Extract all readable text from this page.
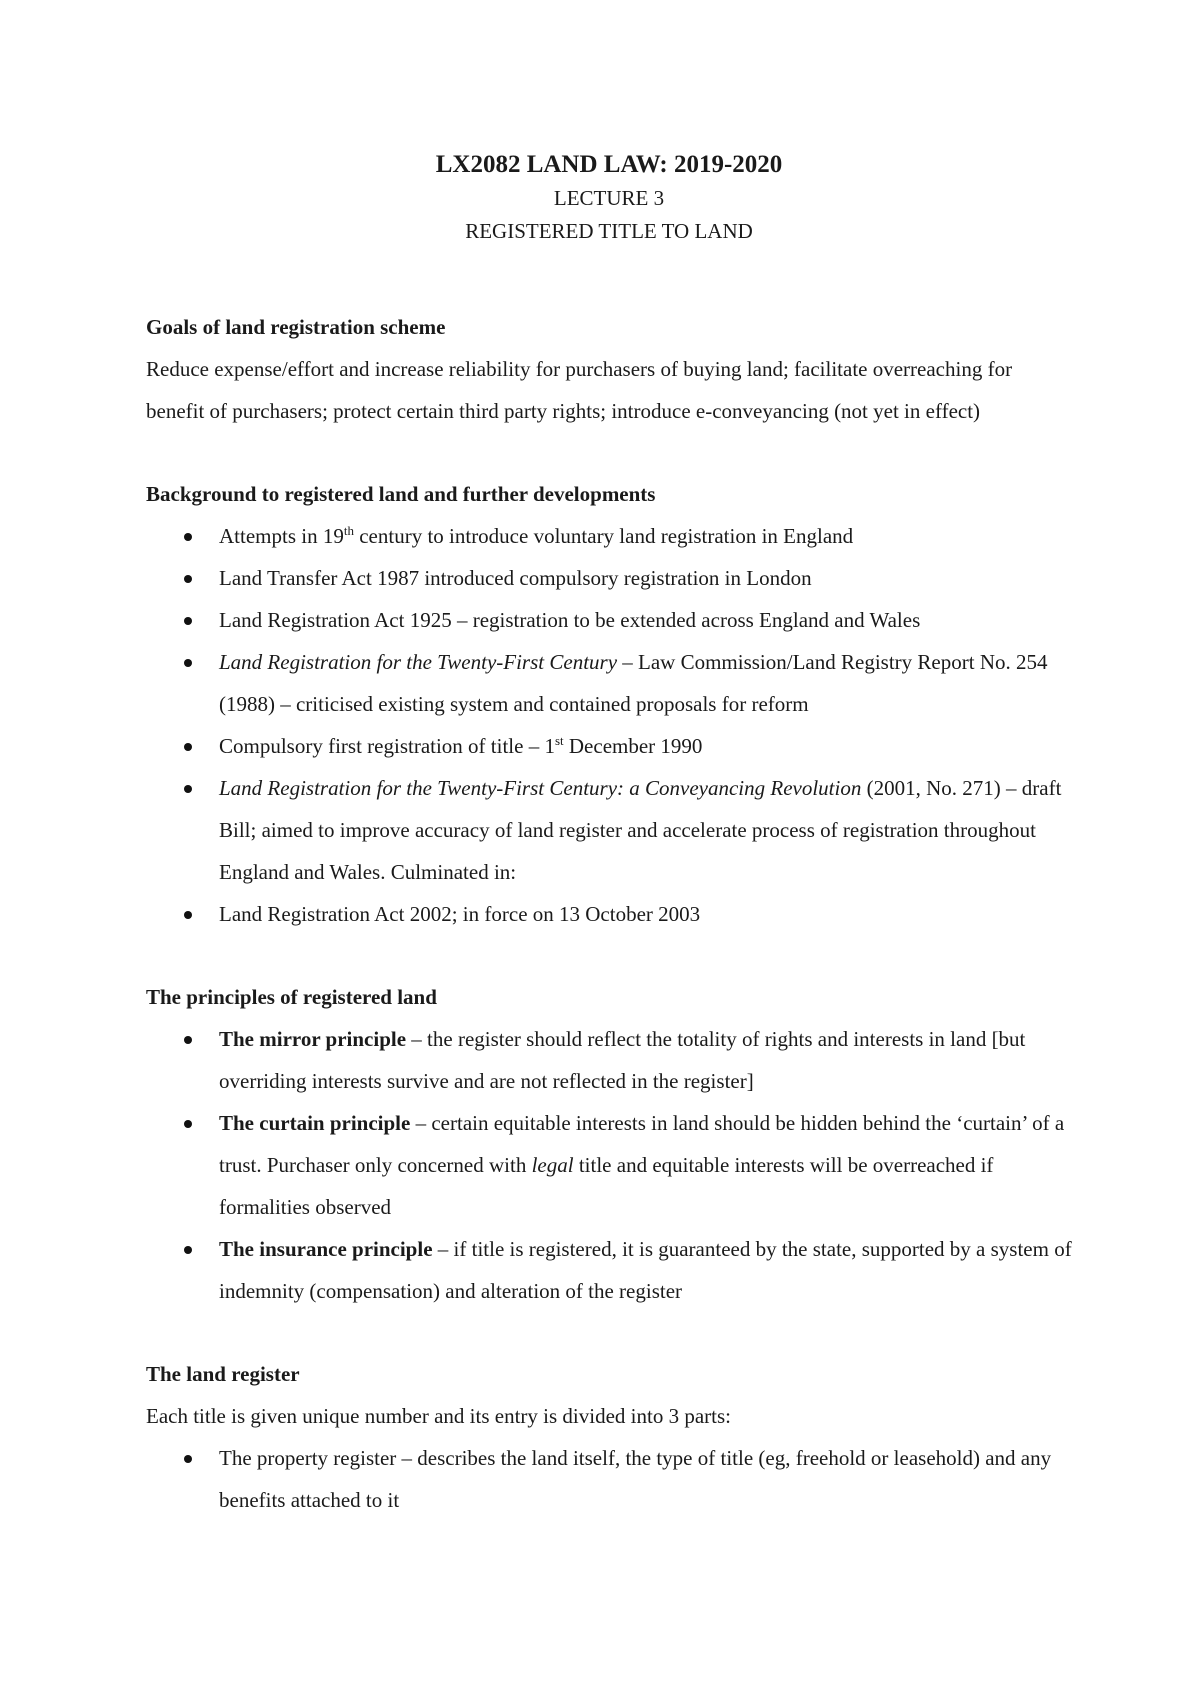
LX2082 LAND LAW: 2019-2020

LECTURE 3

REGISTERED TITLE TO LAND

Goals of land registration scheme

Reduce expense/effort and increase reliability for purchasers of buying land; facilitate overreaching for benefit of purchasers; protect certain third party rights; introduce e-conveyancing (not yet in effect)

Background to registered land and further developments
Attempts in 19th century to introduce voluntary land registration in England
Land Transfer Act 1987 introduced compulsory registration in London
Land Registration Act 1925 – registration to be extended across England and Wales
Land Registration for the Twenty-First Century – Law Commission/Land Registry Report No. 254 (1988) – criticised existing system and contained proposals for reform
Compulsory first registration of title – 1st December 1990
Land Registration for the Twenty-First Century: a Conveyancing Revolution (2001, No. 271) – draft Bill; aimed to improve accuracy of land register and accelerate process of registration throughout England and Wales. Culminated in:
Land Registration Act 2002; in force on 13 October 2003
The principles of registered land
The mirror principle – the register should reflect the totality of rights and interests in land [but overriding interests survive and are not reflected in the register]
The curtain principle – certain equitable interests in land should be hidden behind the ‘curtain’ of a trust. Purchaser only concerned with legal title and equitable interests will be overreached if formalities observed
The insurance principle – if title is registered, it is guaranteed by the state, supported by a system of indemnity (compensation) and alteration of the register
The land register

Each title is given unique number and its entry is divided into 3 parts:

The property register – describes the land itself, the type of title (eg, freehold or leasehold) and any benefits attached to it
